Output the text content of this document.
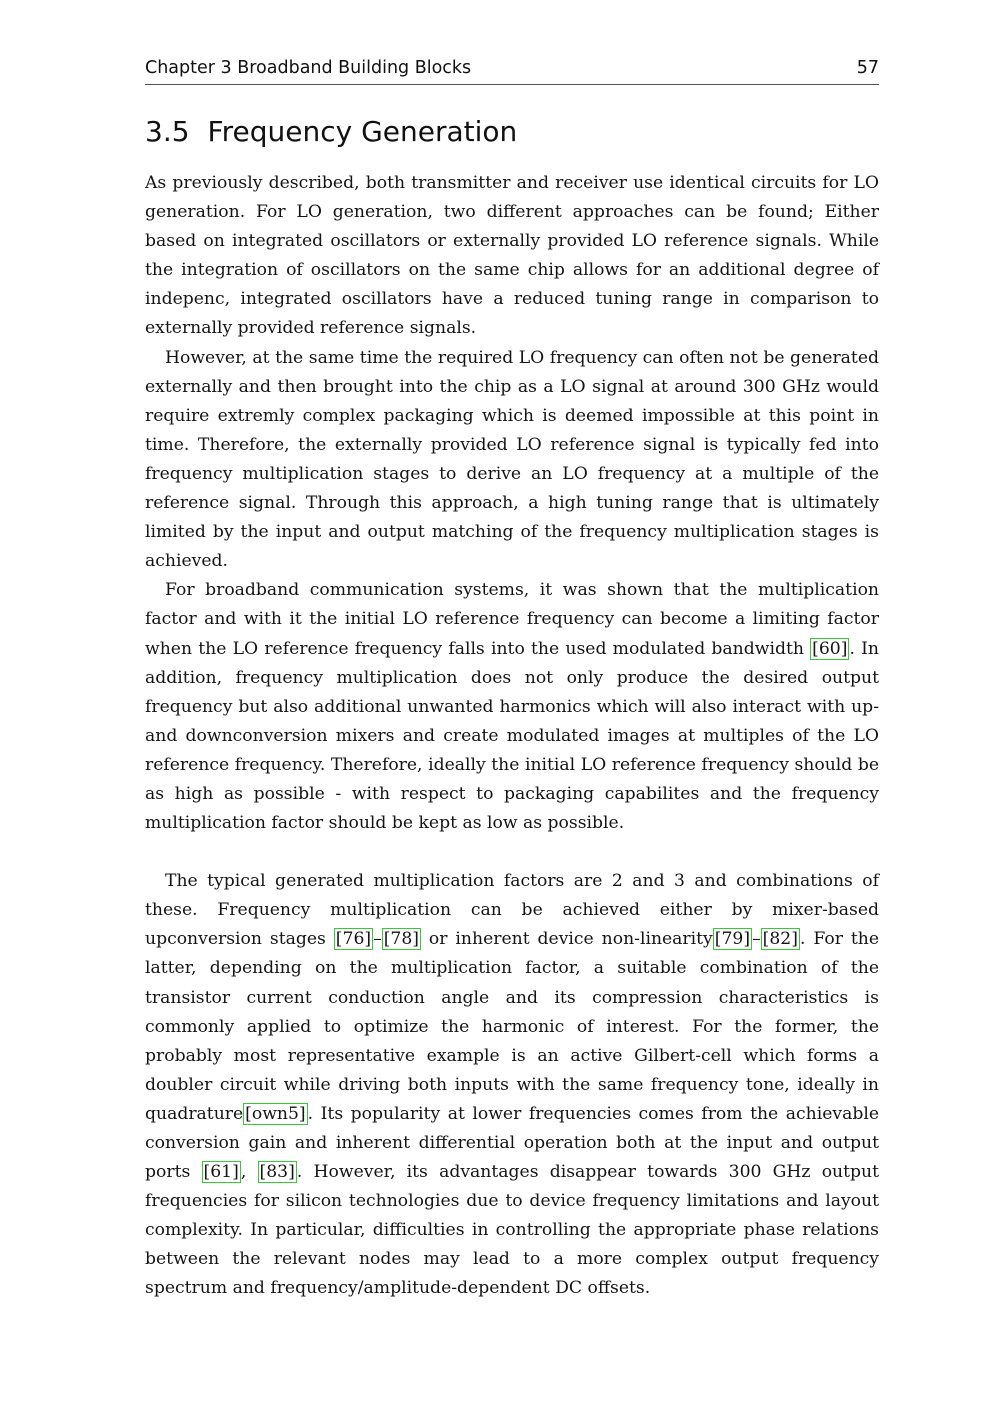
Chapter 3 Broadband Building Blocks	57
3.5 Frequency Generation

As previously described, both transmitter and receiver use identical circuits for LO generation. For LO generation, two different approaches can be found; Either based on integrated oscillators or externally provided LO reference signals. While the integration of oscillators on the same chip allows for an additional degree of indepenc, integrated oscillators have a reduced tuning range in comparison to externally provided reference signals.

However, at the same time the required LO frequency can often not be generated externally and then brought into the chip as a LO signal at around 300 GHz would require extremly complex packaging which is deemed impossible at this point in time. Therefore, the externally provided LO reference signal is typically fed into frequency multiplication stages to derive an LO frequency at a multiple of the reference signal. Through this approach, a high tuning range that is ultimately limited by the input and output matching of the frequency multiplication stages is achieved.

For broadband communication systems, it was shown that the multiplication factor and with it the initial LO reference frequency can become a limiting factor when the LO reference frequency falls into the used modulated bandwidth [60] . In addition, frequency multiplication does not only produce the desired output frequency but also additional unwanted harmonics which will also interact with up- and downconversion mixers and create modulated images at multiples of the LO reference frequency. Therefore, ideally the initial LO reference frequency should be as high as possible - with respect to packaging capabilites and the frequency multiplication factor should be kept as low as possible.

The typical generated multiplication factors are 2 and 3 and combinations of these. Frequency multiplication can be achieved either by mixer-based upconversion stages [76] – [78] or inherent device non-linearity [79] – [82] . For the latter, depending on the multiplication factor, a suitable combination of the transistor current conduction angle and its compression characteristics is commonly applied to optimize the harmonic of interest. For the former, the probably most representative example is an active Gilbert-cell which forms a doubler circuit while driving both inputs with the same frequency tone, ideally in quadrature [own5] . Its popularity at lower frequencies comes from the achievable conversion gain and inherent differential operation both at the input and output ports [61] , [83] . However, its advantages disappear towards 300 GHz output frequencies for silicon technologies due to device frequency limitations and layout complexity. In particular, difficulties in controlling the appropriate phase relations between the relevant nodes may lead to a more complex output frequency spectrum and frequency/amplitude-dependent DC offsets.
